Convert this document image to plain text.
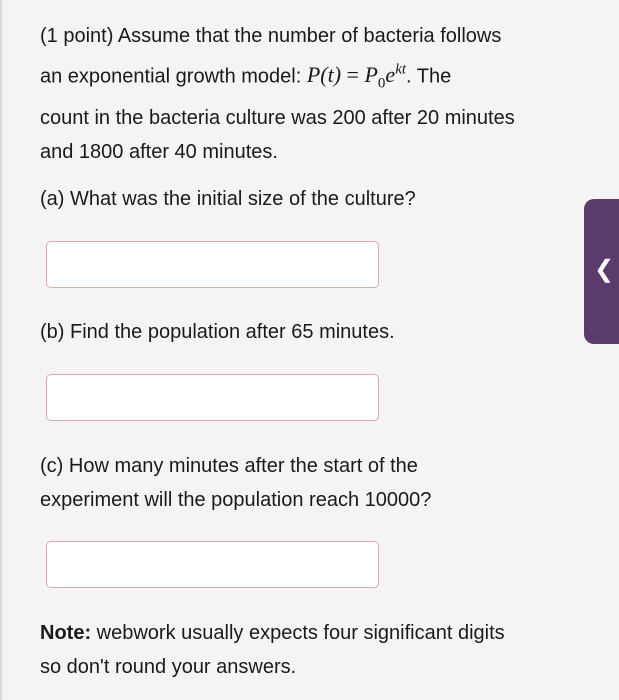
(1 point) Assume that the number of bacteria follows
an exponential growth model: $P(t) = P_0e^{kt}$. The
count in the bacteria culture was 200 after 20 minutes
and 1800 after 40 minutes.
(a) What was the initial size of the culture?
(b) Find the population after 65 minutes.
(c) How many minutes after the start of the
experiment will the population reach 10000?
Note: webwork usually expects four significant digits
so don't round your answers.
❮
